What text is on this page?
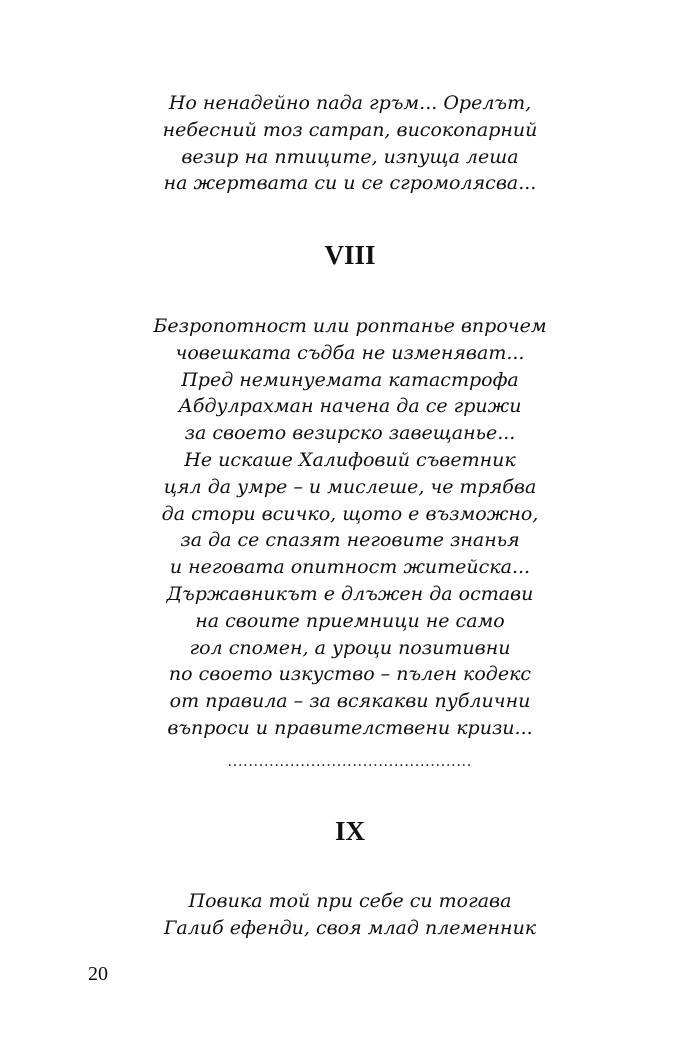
Но ненадейно пада гръм... Орелът,
небесний тоз сатрап, високопарний
везир на птиците, изпуща леша
на жертвата си и се сгромолясва...
VIII
Безропотност или роптанье впрочем
човешката съдба не изменяват...
Пред неминуемата катастрофа
Абдулрахман начена да се грижи
за своето везирско завещанье...
Не искаше Халифовий съветник
цял да умре – и мислеше, че трябва
да стори всичко, щото е възможно,
за да се спазят неговите знанья
и неговата опитност житейска...
Държавникът е длъжен да остави
на своите приемници не само
гол спомен, а уроци позитивни
по своето изкуство – пълен кодекс
от правила – за всякакви публични
въпроси и правителствени кризи...
...............................................
IX
Повика той при себе си тогава
Галиб ефенди, своя млад племенник
20
